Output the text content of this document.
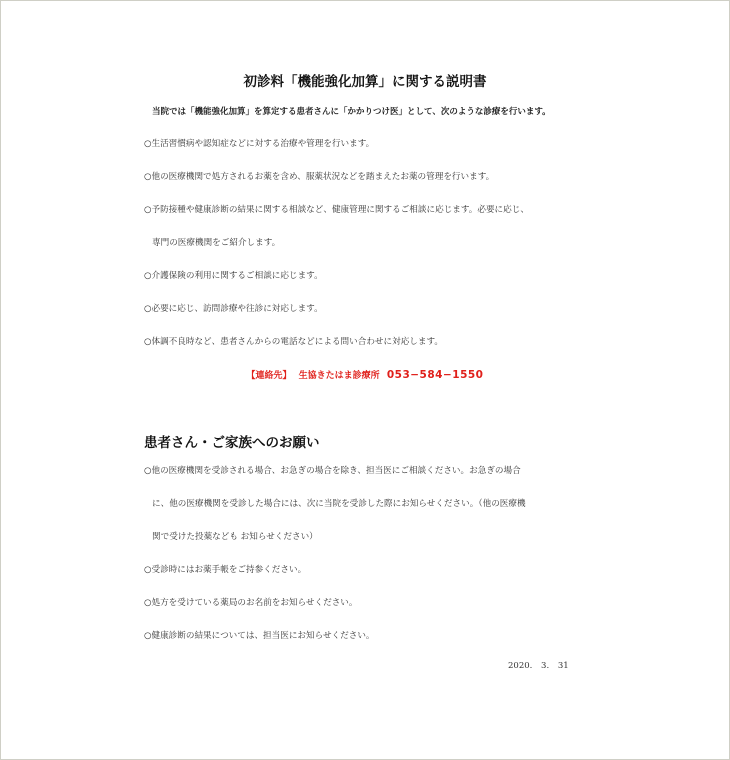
初診料「機能強化加算」に関する説明書
当院では「機能強化加算」を算定する患者さんに「かかりつけ医」として、次のような診療を行います。
○生活習慣病や認知症などに対する治療や管理を行います。
○他の医療機関で処方されるお薬を含め、服薬状況などを踏まえたお薬の管理を行います。
○予防接種や健康診断の結果に関する相談など、健康管理に関するご相談に応じます。必要に応じ、
専門の医療機関をご紹介します。
○介護保険の利用に関するご相談に応じます。
○必要に応じ、訪問診療や往診に対応します。
○体調不良時など、患者さんからの電話などによる問い合わせに対応します。
【連絡先】 生協きたはま診療所 053−584−1550
患者さん・ご家族へのお願い
○他の医療機関を受診される場合、お急ぎの場合を除き、担当医にご相談ください。お急ぎの場合
に、他の医療機関を受診した場合には、次に当院を受診した際にお知らせください。（他の医療機
関で受けた投薬なども お知らせください）
○受診時にはお薬手帳をご持参ください。
○処方を受けている薬局のお名前をお知らせください。
○健康診断の結果については、担当医にお知らせください。
2020. 3. 31
